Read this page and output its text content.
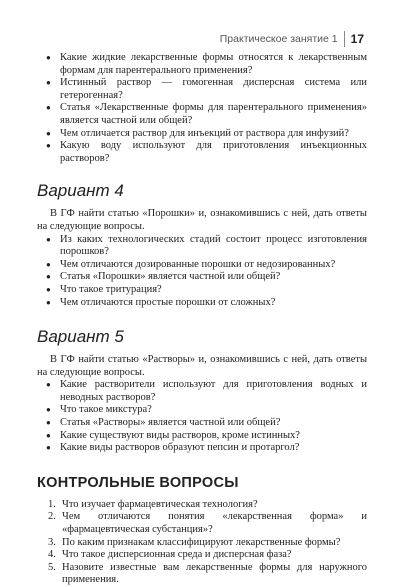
Практическое занятие 1 17
● Какие жидкие лекарственные формы относятся к лекарственным формам для парентерального применения?
● Истинный раствор — гомогенная дисперсная система или гетерогенная?
● Статья «Лекарственные формы для парентерального применения» является частной или общей?
● Чем отличается раствор для инъекций от раствора для инфузий?
● Какую воду используют для приготовления инъекционных растворов?
Вариант 4

В ГФ найти статью «Порошки» и, ознакомившись с ней, дать ответы на следующие вопросы.

● Из каких технологических стадий состоит процесс изготовления порошков?
● Чем отличаются дозированные порошки от недозированных?
● Статья «Порошки» является частной или общей?
● Что такое тритурация?
● Чем отличаются простые порошки от сложных?
Вариант 5

В ГФ найти статью «Растворы» и, ознакомившись с ней, дать ответы на следующие вопросы.

● Какие растворители используют для приготовления водных и неводных растворов?
● Что такое микстура?
● Статья «Растворы» является частной или общей?
● Какие существуют виды растворов, кроме истинных?
● Какие виды растворов образуют пепсин и протаргол?
КОНТРОЛЬНЫЕ ВОПРОСЫ
1. Что изучает фармацевтическая технология?
2. Чем отличаются понятия «лекарственная форма» и «фармацевтическая субстанция»?
3. По каким признакам классифицируют лекарственные формы?
4. Что такое дисперсионная среда и дисперсная фаза?
5. Назовите известные вам лекарственные формы для наружного применения.
